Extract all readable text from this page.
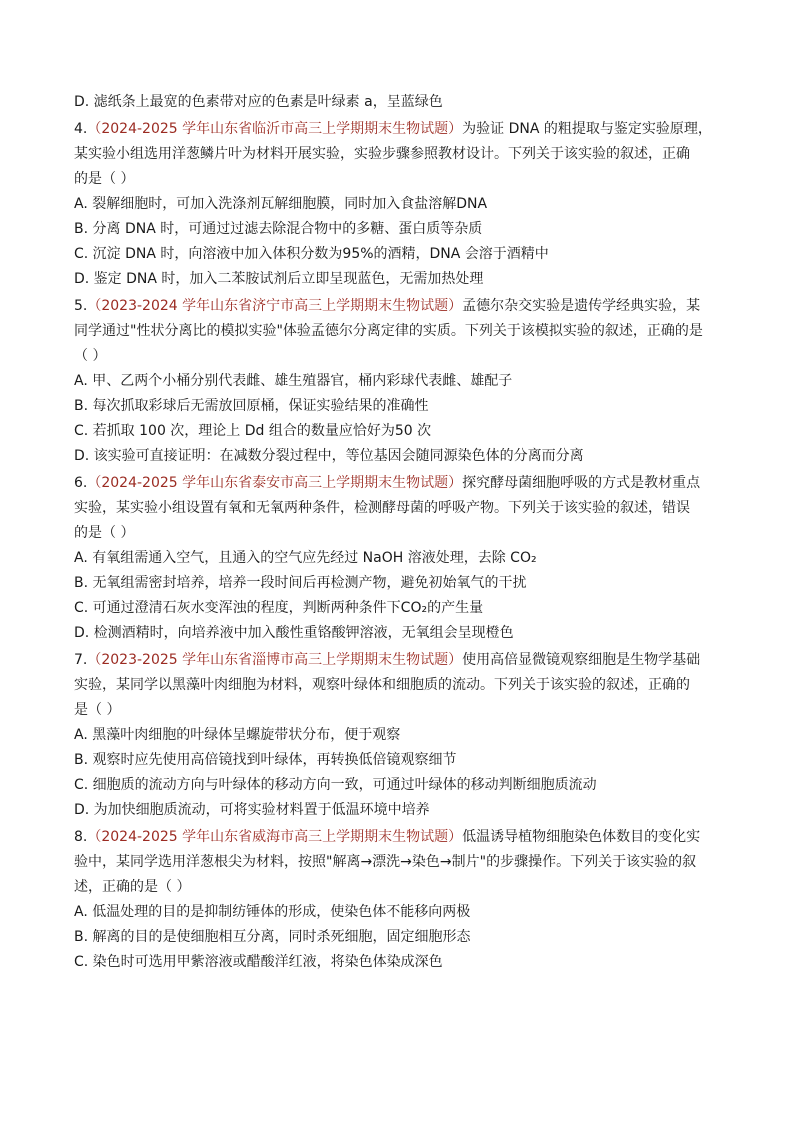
D. 滤纸条上最宽的色素带对应的色素是叶绿素 a，呈蓝绿色

4.（2024-2025 学年山东省临沂市高三上学期期末生物试题）为验证 DNA 的粗提取与鉴定实验原理，

某实验小组选用洋葱鳞片叶为材料开展实验，实验步骤参照教材设计。下列关于该实验的叙述，正确

的是（ ）

A. 裂解细胞时，可加入洗涤剂瓦解细胞膜，同时加入食盐溶解DNA

B. 分离 DNA 时，可通过过滤去除混合物中的多糖、蛋白质等杂质

C. 沉淀 DNA 时，向溶液中加入体积分数为95%的酒精，DNA 会溶于酒精中

D. 鉴定 DNA 时，加入二苯胺试剂后立即呈现蓝色，无需加热处理

5.（2023-2024 学年山东省济宁市高三上学期期末生物试题）孟德尔杂交实验是遗传学经典实验，某

同学通过"性状分离比的模拟实验"体验孟德尔分离定律的实质。下列关于该模拟实验的叙述，正确的是

（ ）

A. 甲、乙两个小桶分别代表雌、雄生殖器官，桶内彩球代表雌、雄配子

B. 每次抓取彩球后无需放回原桶，保证实验结果的准确性

C. 若抓取 100 次，理论上 Dd 组合的数量应恰好为50 次

D. 该实验可直接证明：在减数分裂过程中，等位基因会随同源染色体的分离而分离

6.（2024-2025 学年山东省泰安市高三上学期期末生物试题）探究酵母菌细胞呼吸的方式是教材重点

实验，某实验小组设置有氧和无氧两种条件，检测酵母菌的呼吸产物。下列关于该实验的叙述，错误

的是（ ）

A. 有氧组需通入空气，且通入的空气应先经过 NaOH 溶液处理，去除 CO₂

B. 无氧组需密封培养，培养一段时间后再检测产物，避免初始氧气的干扰

C. 可通过澄清石灰水变浑浊的程度，判断两种条件下CO₂的产生量

D. 检测酒精时，向培养液中加入酸性重铬酸钾溶液，无氧组会呈现橙色

7.（2023-2025 学年山东省淄博市高三上学期期末生物试题）使用高倍显微镜观察细胞是生物学基础

实验，某同学以黑藻叶肉细胞为材料，观察叶绿体和细胞质的流动。下列关于该实验的叙述，正确的

是（ ）

A. 黑藻叶肉细胞的叶绿体呈螺旋带状分布，便于观察

B. 观察时应先使用高倍镜找到叶绿体，再转换低倍镜观察细节

C. 细胞质的流动方向与叶绿体的移动方向一致，可通过叶绿体的移动判断细胞质流动

D. 为加快细胞质流动，可将实验材料置于低温环境中培养

8.（2024-2025 学年山东省威海市高三上学期期末生物试题）低温诱导植物细胞染色体数目的变化实

验中，某同学选用洋葱根尖为材料，按照"解离→漂洗→染色→制片"的步骤操作。下列关于该实验的叙

述，正确的是（ ）

A. 低温处理的目的是抑制纺锤体的形成，使染色体不能移向两极

B. 解离的目的是使细胞相互分离，同时杀死细胞，固定细胞形态

C. 染色时可选用甲紫溶液或醋酸洋红液，将染色体染成深色
